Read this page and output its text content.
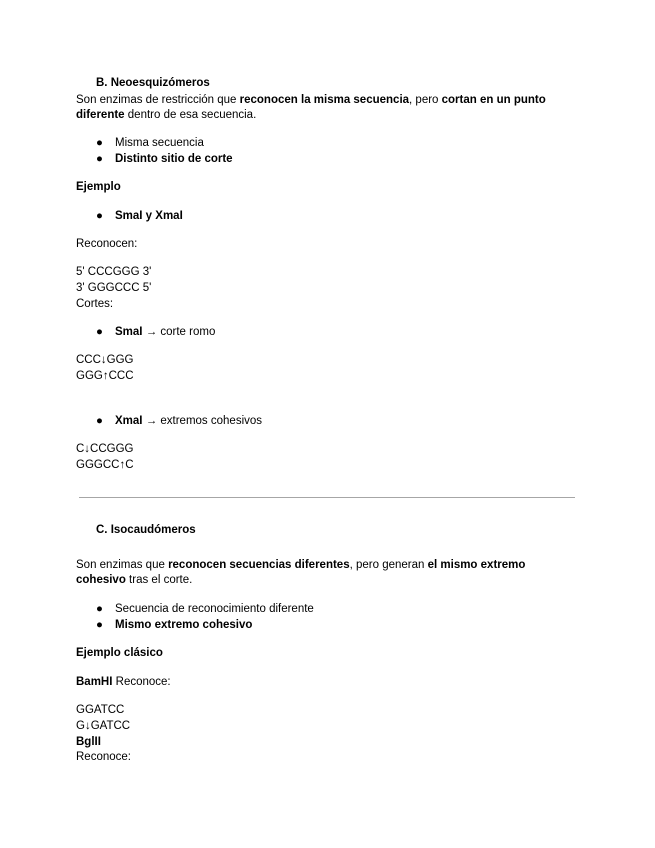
B. Neoesquizómeros
Son enzimas de restricción que reconocen la misma secuencia, pero cortan en un punto
diferente dentro de esa secuencia.
● Misma secuencia
● Distinto sitio de corte
Ejemplo
● SmaI y XmaI
Reconocen:
5' CCCGGG 3'
3' GGGCCC 5'
Cortes:
● SmaI → corte romo
CCC↓GGG
GGG↑CCC
● XmaI → extremos cohesivos
C↓CCGGG
GGGCC↑C
C. Isocaudómeros
Son enzimas que reconocen secuencias diferentes, pero generan el mismo extremo
cohesivo tras el corte.
● Secuencia de reconocimiento diferente
● Mismo extremo cohesivo
Ejemplo clásico
BamHI Reconoce:
GGATCC
G↓GATCC
BglII
Reconoce:
